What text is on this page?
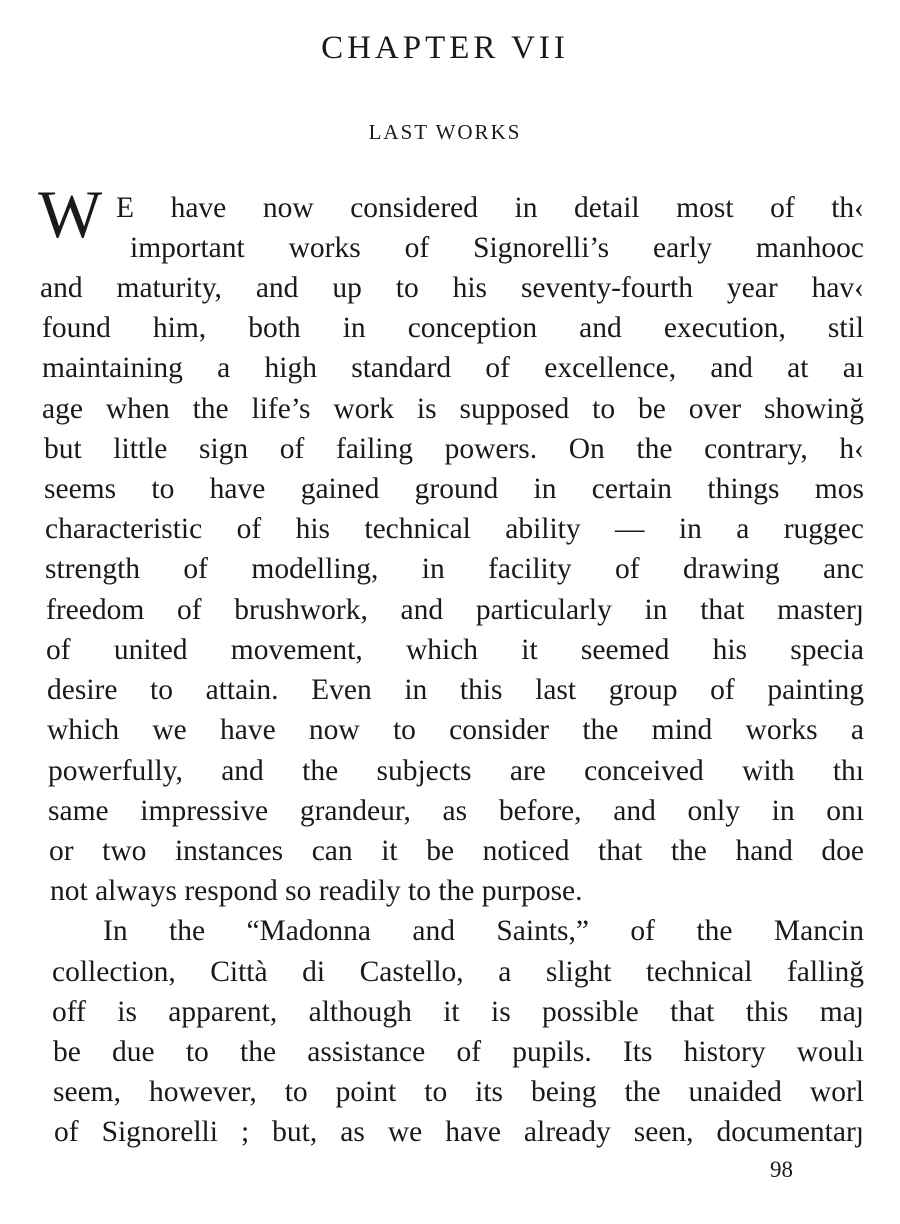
CHAPTER VII
LAST WORKS
W E have now considered in detail most of th‹
important works of Signorelli’s early manhooc
and maturity, and up to his seventy-fourth year hav‹
found him, both in conception and execution, stil
maintaining a high standard of excellence, and at aı
age when the life’s work is supposed to be over showinğ
but little sign of failing powers. On the contrary, h‹
seems to have gained ground in certain things mos
characteristic of his technical ability — in a ruggec
strength of modelling, in facility of drawing anc
freedom of brushwork, and particularly in that masterȷ
of united movement, which it seemed his specia
desire to attain. Even in this last group of painting
which we have now to consider the mind works a
powerfully, and the subjects are conceived with thı
same impressive grandeur, as before, and only in onı
or two instances can it be noticed that the hand doe
not always respond so readily to the purpose.
In the “Madonna and Saints,” of the Mancin
collection, Città di Castello, a slight technical fallinğ
off is apparent, although it is possible that this maȷ
be due to the assistance of pupils. Its history woulı
seem, however, to point to its being the unaided worl
of Signorelli ; but, as we have already seen, documentarȷ
98
